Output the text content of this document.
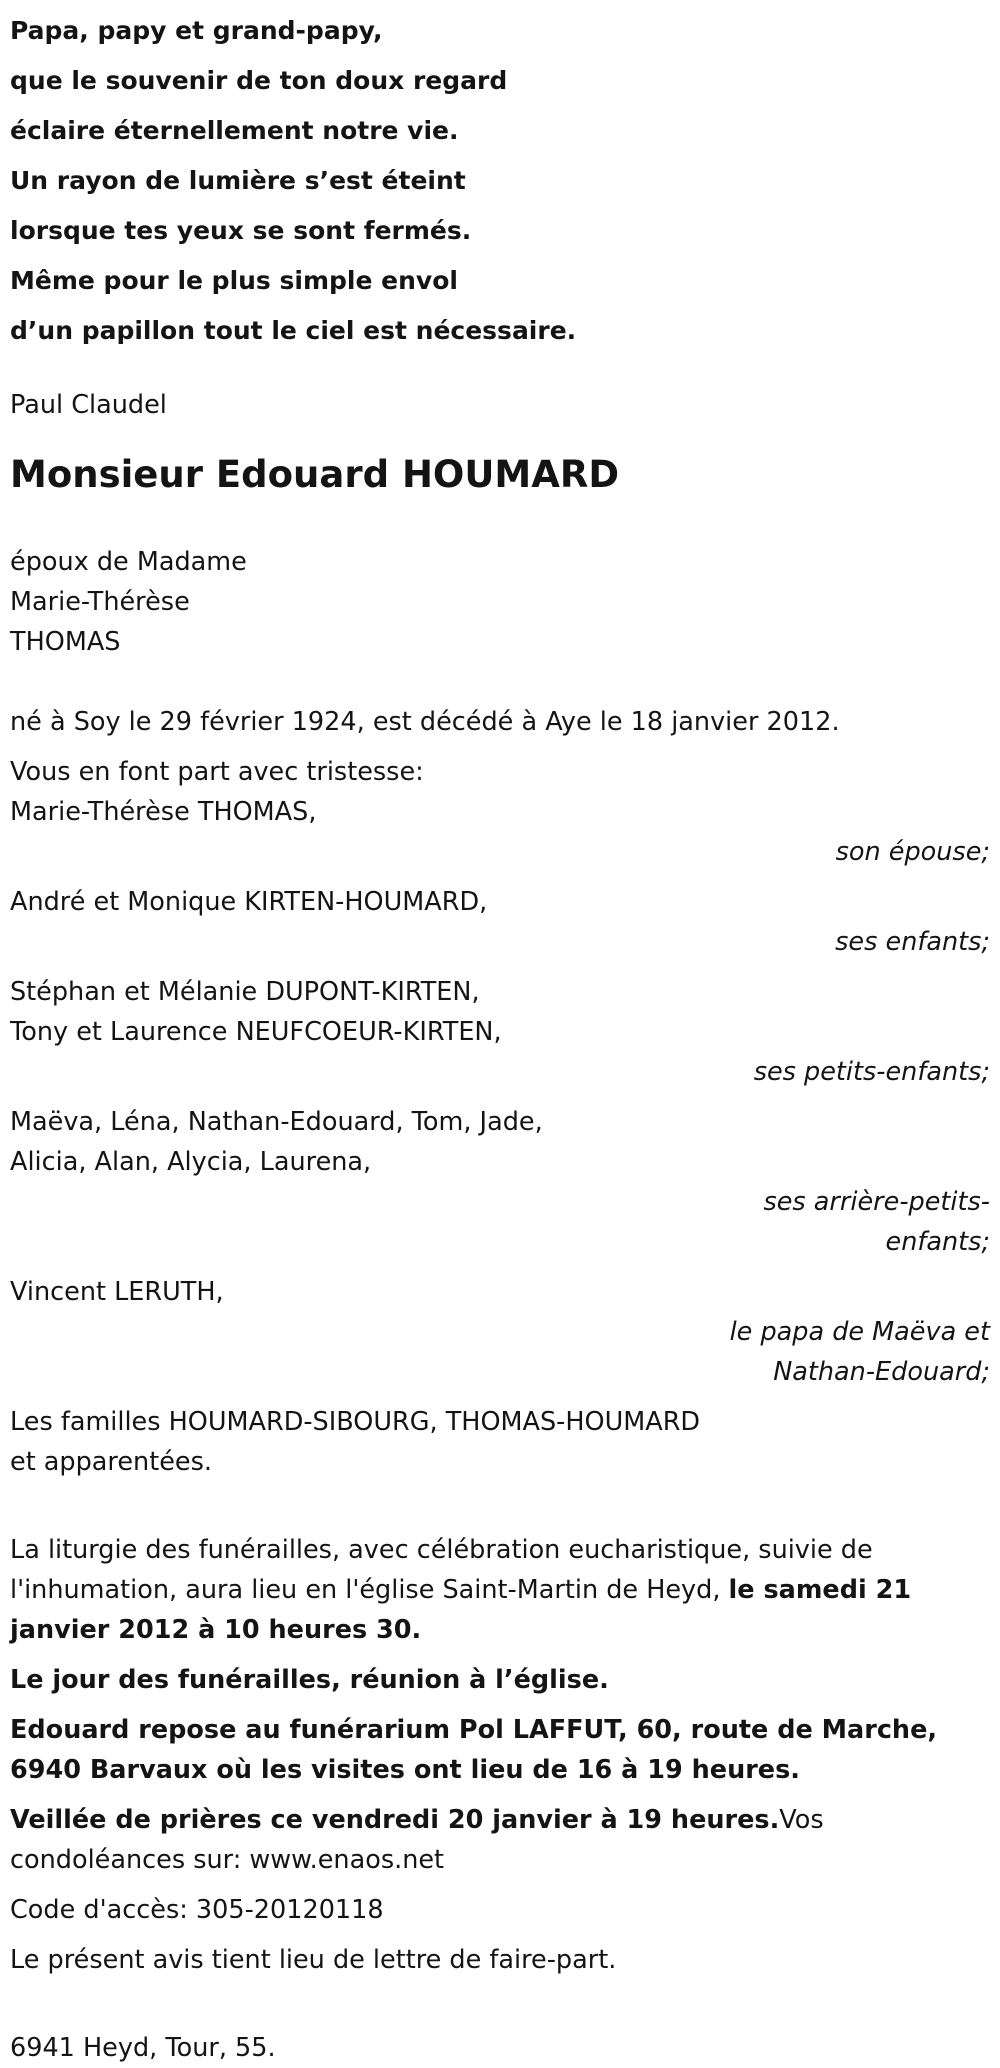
Papa, papy et grand-papy,
que le souvenir de ton doux regard
éclaire éternellement notre vie.
Un rayon de lumière s’est éteint
lorsque tes yeux se sont fermés.
Même pour le plus simple envol
d’un papillon tout le ciel est nécessaire.
Paul Claudel
Monsieur Edouard HOUMARD
époux de Madame
Marie-Thérèse
THOMAS
né à Soy le 29 février 1924, est décédé à Aye le 18 janvier 2012.
Vous en font part avec tristesse:
Marie-Thérèse THOMAS,
son épouse;
André et Monique KIRTEN-HOUMARD,
ses enfants;
Stéphan et Mélanie DUPONT-KIRTEN,
Tony et Laurence NEUFCOEUR-KIRTEN,
ses petits-enfants;
Maëva, Léna, Nathan-Edouard, Tom, Jade,
Alicia, Alan, Alycia, Laurena,
ses arrière-petits-
enfants;
Vincent LERUTH,
le papa de Maëva et
Nathan-Edouard;
Les familles HOUMARD-SIBOURG, THOMAS-HOUMARD
et apparentées.
La liturgie des funérailles, avec célébration eucharistique, suivie de l'inhumation, aura lieu en l'église Saint-Martin de Heyd, le samedi 21 janvier 2012 à 10 heures 30.
Le jour des funérailles, réunion à l’église.
Edouard repose au funérarium Pol LAFFUT, 60, route de Marche, 6940 Barvaux où les visites ont lieu de 16 à 19 heures.
Veillée de prières ce vendredi 20 janvier à 19 heures.Vos condoléances sur: www.enaos.net
Code d'accès: 305-20120118
Le présent avis tient lieu de lettre de faire-part.
6941 Heyd, Tour, 55.
